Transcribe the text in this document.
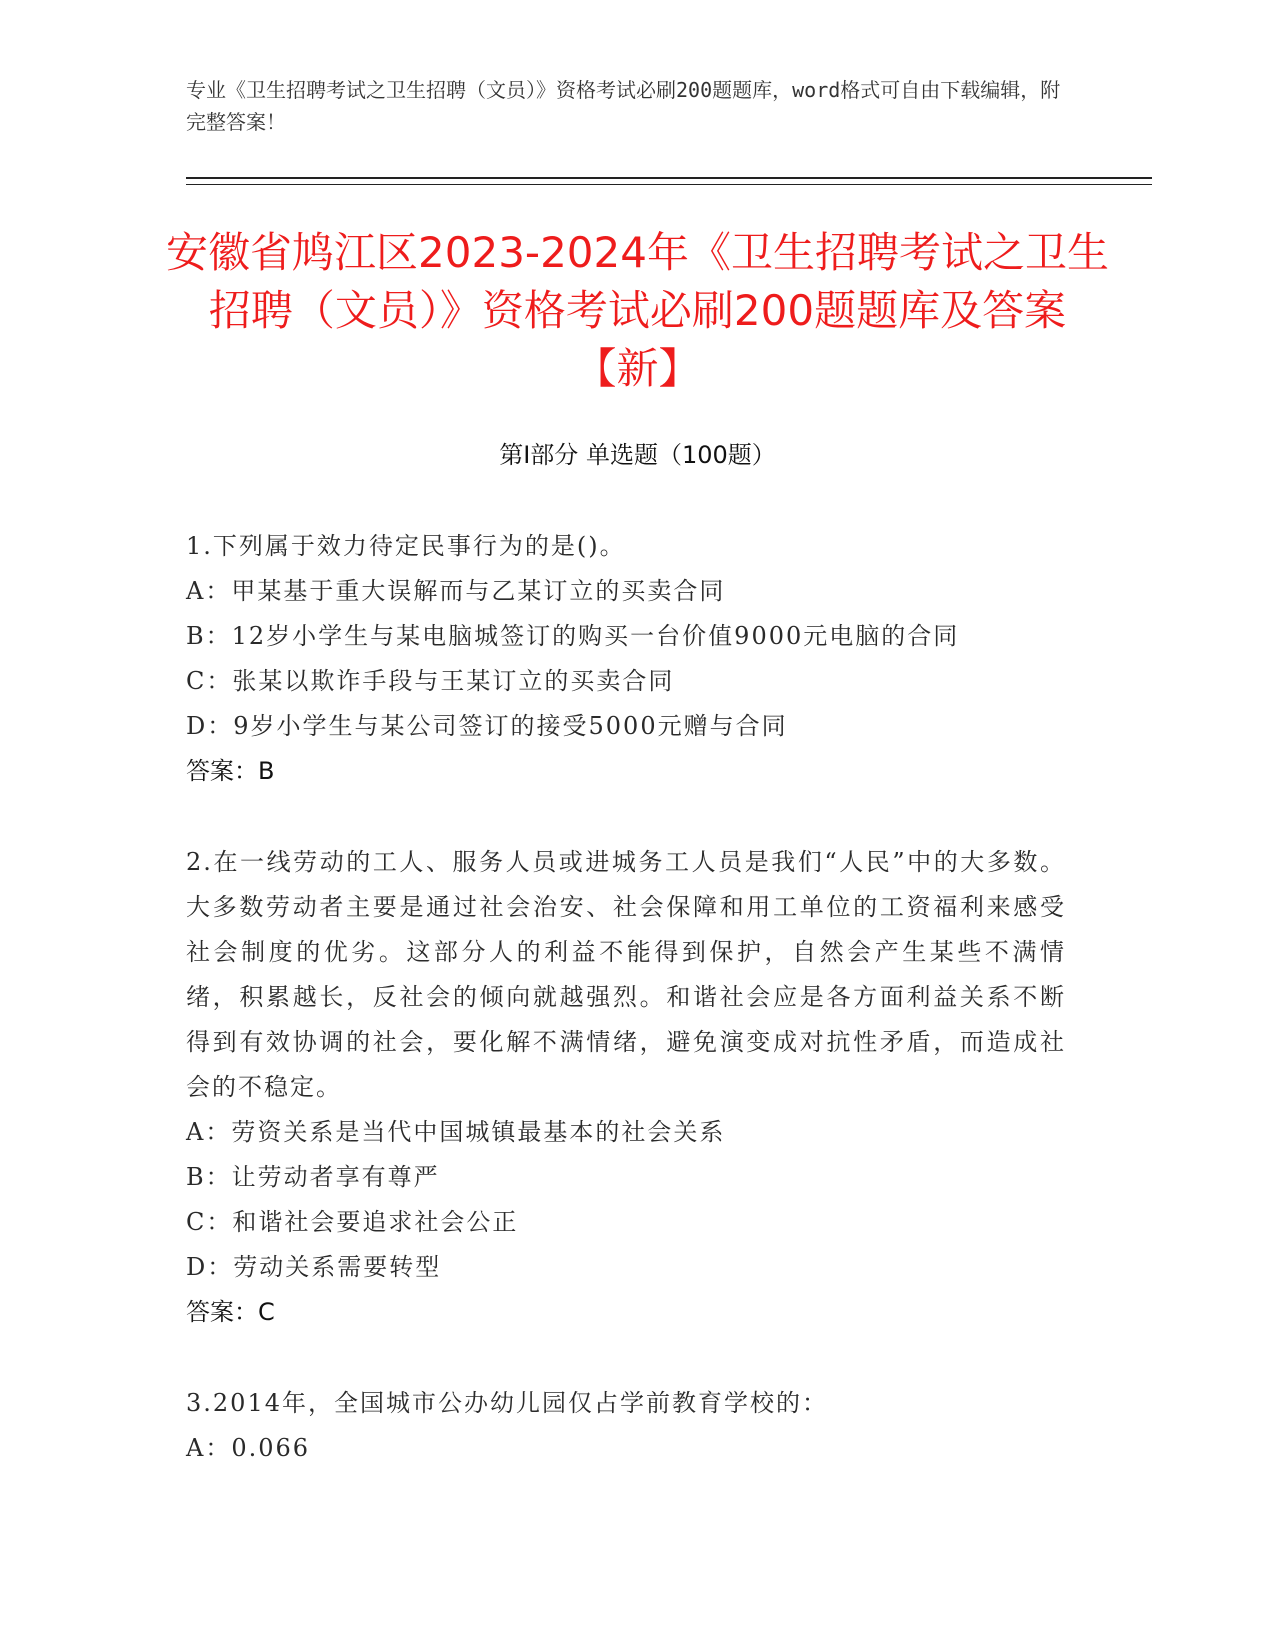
专业《卫生招聘考试之卫生招聘（文员）》资格考试必刷200题题库，word格式可自由下载编辑，附完整答案！
安徽省鸠江区2023-2024年《卫生招聘考试之卫生招聘（文员）》资格考试必刷200题题库及答案【新】
第Ⅰ部分 单选题（100题）
1.下列属于效力待定民事行为的是()。
A：甲某基于重大误解而与乙某订立的买卖合同
B：12岁小学生与某电脑城签订的购买一台价值9000元电脑的合同
C：张某以欺诈手段与王某订立的买卖合同
D：9岁小学生与某公司签订的接受5000元赠与合同
答案：B
2.在一线劳动的工人、服务人员或进城务工人员是我们“人民”中的大多数。大多数劳动者主要是通过社会治安、社会保障和用工单位的工资福利来感受社会制度的优劣。这部分人的利益不能得到保护，自然会产生某些不满情绪，积累越长，反社会的倾向就越强烈。和谐社会应是各方面利益关系不断得到有效协调的社会，要化解不满情绪，避免演变成对抗性矛盾，而造成社会的不稳定。
A：劳资关系是当代中国城镇最基本的社会关系
B：让劳动者享有尊严
C：和谐社会要追求社会公正
D：劳动关系需要转型
答案：C
3.2014年，全国城市公办幼儿园仅占学前教育学校的：
A：0.066
